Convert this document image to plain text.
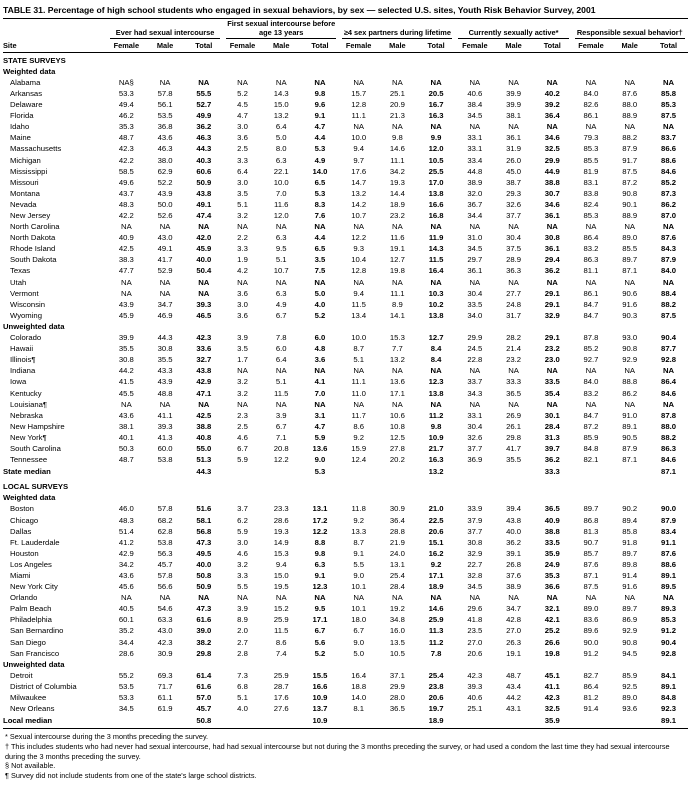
TABLE 31. Percentage of high school students who engaged in sexual behaviors, by sex — selected U.S. sites, Youth Risk Behavior Survey, 2001

	Ever had sexual intercourse			First sexual intercourse before age 13 years			≥4 sex partners during lifetime			Currently sexually active*			Responsible sexual behavior†		

Site	Female	Male	Total	Female	Male	Total	Female	Male	Total	Female	Male	Total	Female	Male	Total
STATE SURVEYS															
Weighted data															
Alabama	NA§	NA	NA	NA	NA	NA	NA	NA	NA	NA	NA	NA	NA	NA	NA
Arkansas	53.3	57.8	55.5	5.2	14.3	9.8	15.7	25.1	20.5	40.6	39.9	40.2	84.0	87.6	85.8
Delaware	49.4	56.1	52.7	4.5	15.0	9.6	12.8	20.9	16.7	38.4	39.9	39.2	82.6	88.0	85.3
Florida	46.2	53.5	49.9	4.7	13.2	9.1	11.1	21.3	16.3	34.5	38.1	36.4	86.1	88.9	87.5
Idaho	35.3	36.8	36.2	3.0	6.4	4.7	NA	NA	NA	NA	NA	NA	NA	NA	NA
Maine	48.7	43.6	46.3	3.6	5.0	4.4	10.0	9.8	9.9	33.1	36.1	34.6	79.3	88.2	83.7
Massachusetts	42.3	46.3	44.3	2.5	8.0	5.3	9.4	14.6	12.0	33.1	31.9	32.5	85.3	87.9	86.6
Michigan	42.2	38.0	40.3	3.3	6.3	4.9	9.7	11.1	10.5	33.4	26.0	29.9	85.5	91.7	88.6
Mississippi	58.5	62.9	60.6	6.4	22.1	14.0	17.6	34.2	25.5	44.8	45.0	44.9	81.9	87.5	84.6
Missouri	49.6	52.2	50.9	3.0	10.0	6.5	14.7	19.3	17.0	38.9	38.7	38.8	83.1	87.2	85.2
Montana	43.7	43.9	43.8	3.5	7.0	5.3	13.2	14.4	13.8	32.0	29.3	30.7	83.8	90.8	87.3
Nevada	48.3	50.0	49.1	5.1	11.6	8.3	14.2	18.9	16.6	36.7	32.6	34.6	82.4	90.1	86.2
New Jersey	42.2	52.6	47.4	3.2	12.0	7.6	10.7	23.2	16.8	34.4	37.7	36.1	85.3	88.9	87.0
North Carolina	NA	NA	NA	NA	NA	NA	NA	NA	NA	NA	NA	NA	NA	NA	NA
North Dakota	40.9	43.0	42.0	2.2	6.3	4.4	12.2	11.6	11.9	31.0	30.4	30.8	86.4	89.0	87.6
Rhode Island	42.5	49.1	45.9	3.3	9.5	6.5	9.3	19.1	14.3	34.5	37.5	36.1	83.2	85.5	84.3
South Dakota	38.3	41.7	40.0	1.9	5.1	3.5	10.4	12.7	11.5	29.7	28.9	29.4	86.3	89.7	87.9
Texas	47.7	52.9	50.4	4.2	10.7	7.5	12.8	19.8	16.4	36.1	36.3	36.2	81.1	87.1	84.0
Utah	NA	NA	NA	NA	NA	NA	NA	NA	NA	NA	NA	NA	NA	NA	NA
Vermont	NA	NA	NA	3.6	6.3	5.0	9.4	11.1	10.3	30.4	27.7	29.1	86.1	90.6	88.4
Wisconsin	43.9	34.7	39.3	3.0	4.9	4.0	11.5	8.9	10.2	33.5	24.8	29.1	84.7	91.6	88.2
Wyoming	45.9	46.9	46.5	3.6	6.7	5.2	13.4	14.1	13.8	34.0	31.7	32.9	84.7	90.3	87.5
Unweighted data															
Colorado	39.9	44.3	42.3	3.9	7.8	6.0	10.0	15.3	12.7	29.9	28.2	29.1	87.8	93.0	90.4
Hawaii	35.5	30.8	33.6	3.5	6.0	4.8	8.7	7.7	8.4	24.5	21.4	23.2	85.2	90.8	87.7
Illinois¶	30.8	35.5	32.7	1.7	6.4	3.6	5.1	13.2	8.4	22.8	23.2	23.0	92.7	92.9	92.8
Indiana	44.2	43.3	43.8	NA	NA	NA	NA	NA	NA	NA	NA	NA	NA	NA	NA
Iowa	41.5	43.9	42.9	3.2	5.1	4.1	11.1	13.6	12.3	33.7	33.3	33.5	84.0	88.8	86.4
Kentucky	45.5	48.8	47.1	3.2	11.5	7.0	11.0	17.1	13.8	34.3	36.5	35.4	83.2	86.2	84.6
Louisiana¶	NA	NA	NA	NA	NA	NA	NA	NA	NA	NA	NA	NA	NA	NA	NA
Nebraska	43.6	41.1	42.5	2.3	3.9	3.1	11.7	10.6	11.2	33.1	26.9	30.1	84.7	91.0	87.8
New Hampshire	38.1	39.3	38.8	2.5	6.7	4.7	8.6	10.8	9.8	30.4	26.1	28.4	87.2	89.1	88.0
New York¶	40.1	41.3	40.8	4.6	7.1	5.9	9.2	12.5	10.9	32.6	29.8	31.3	85.9	90.5	88.2
South Carolina	50.3	60.0	55.0	6.7	20.8	13.6	15.9	27.8	21.7	37.7	41.7	39.7	84.8	87.9	86.3
Tennessee	48.7	53.8	51.3	5.9	12.2	9.0	12.4	20.2	16.3	36.9	35.5	36.2	82.1	87.1	84.6
State median			44.3			5.3			13.2			33.3			87.1
LOCAL SURVEYS															
Weighted data															
Boston	46.0	57.8	51.6	3.7	23.3	13.1	11.8	30.9	21.0	33.9	39.4	36.5	89.7	90.2	90.0
Chicago	48.3	68.2	58.1	6.2	28.6	17.2	9.2	36.4	22.5	37.9	43.8	40.9	86.8	89.4	87.9
Dallas	51.4	62.8	56.8	5.9	19.3	12.2	13.3	28.8	20.6	37.7	40.0	38.8	81.3	85.8	83.4
Ft. Lauderdale	41.2	53.8	47.3	3.0	14.9	8.8	8.7	21.9	15.1	30.8	36.2	33.5	90.7	91.8	91.1
Houston	42.9	56.3	49.5	4.6	15.3	9.8	9.1	24.0	16.2	32.9	39.1	35.9	85.7	89.7	87.6
Los Angeles	34.2	45.7	40.0	3.2	9.4	6.3	5.5	13.1	9.2	22.7	26.8	24.9	87.6	89.8	88.6
Miami	43.6	57.8	50.8	3.3	15.0	9.1	9.0	25.4	17.1	32.8	37.6	35.3	87.1	91.4	89.1
New York City	45.6	56.6	50.9	5.5	19.5	12.3	10.1	28.4	18.9	34.5	38.9	36.6	87.5	91.6	89.5
Orlando	NA	NA	NA	NA	NA	NA	NA	NA	NA	NA	NA	NA	NA	NA	NA
Palm Beach	40.5	54.6	47.3	3.9	15.2	9.5	10.1	19.2	14.6	29.6	34.7	32.1	89.0	89.7	89.3
Philadelphia	60.1	63.3	61.6	8.9	25.9	17.1	18.0	34.8	25.9	41.8	42.8	42.1	83.6	86.9	85.3
San Bernardino	35.2	43.0	39.0	2.0	11.5	6.7	6.7	16.0	11.3	23.5	27.0	25.2	89.6	92.9	91.2
San Diego	34.4	42.3	38.2	2.7	8.6	5.6	9.0	13.5	11.2	27.0	26.3	26.6	90.0	90.8	90.4
San Francisco	28.6	30.9	29.8	2.8	7.4	5.2	5.0	10.5	7.8	20.6	19.1	19.8	91.2	94.5	92.8
Unweighted data															
Detroit	55.2	69.3	61.4	7.3	25.9	15.5	16.4	37.1	25.4	42.3	48.7	45.1	82.7	85.9	84.1
District of Columbia	53.5	71.7	61.6	6.8	28.7	16.6	18.8	29.9	23.8	39.3	43.4	41.1	86.4	92.5	89.1
Milwaukee	53.3	61.1	57.0	5.1	17.6	10.9	14.0	28.0	20.6	40.6	44.2	42.3	81.2	89.0	84.8
New Orleans	34.5	61.9	45.7	4.0	27.6	13.7	8.1	36.5	19.7	25.1	43.1	32.5	91.4	93.6	92.3
Local median			50.8			10.9			18.9			35.9			89.1
* Sexual intercourse during the 3 months preceding the survey.
† This includes students who had never had sexual intercourse, had had sexual intercourse but not during the 3 months preceding the survey, or had used a condom the last time they had sexual intercourse during the 3 months preceding the survey.
§ Not available.
¶ Survey did not include students from one of the state's large school districts.
